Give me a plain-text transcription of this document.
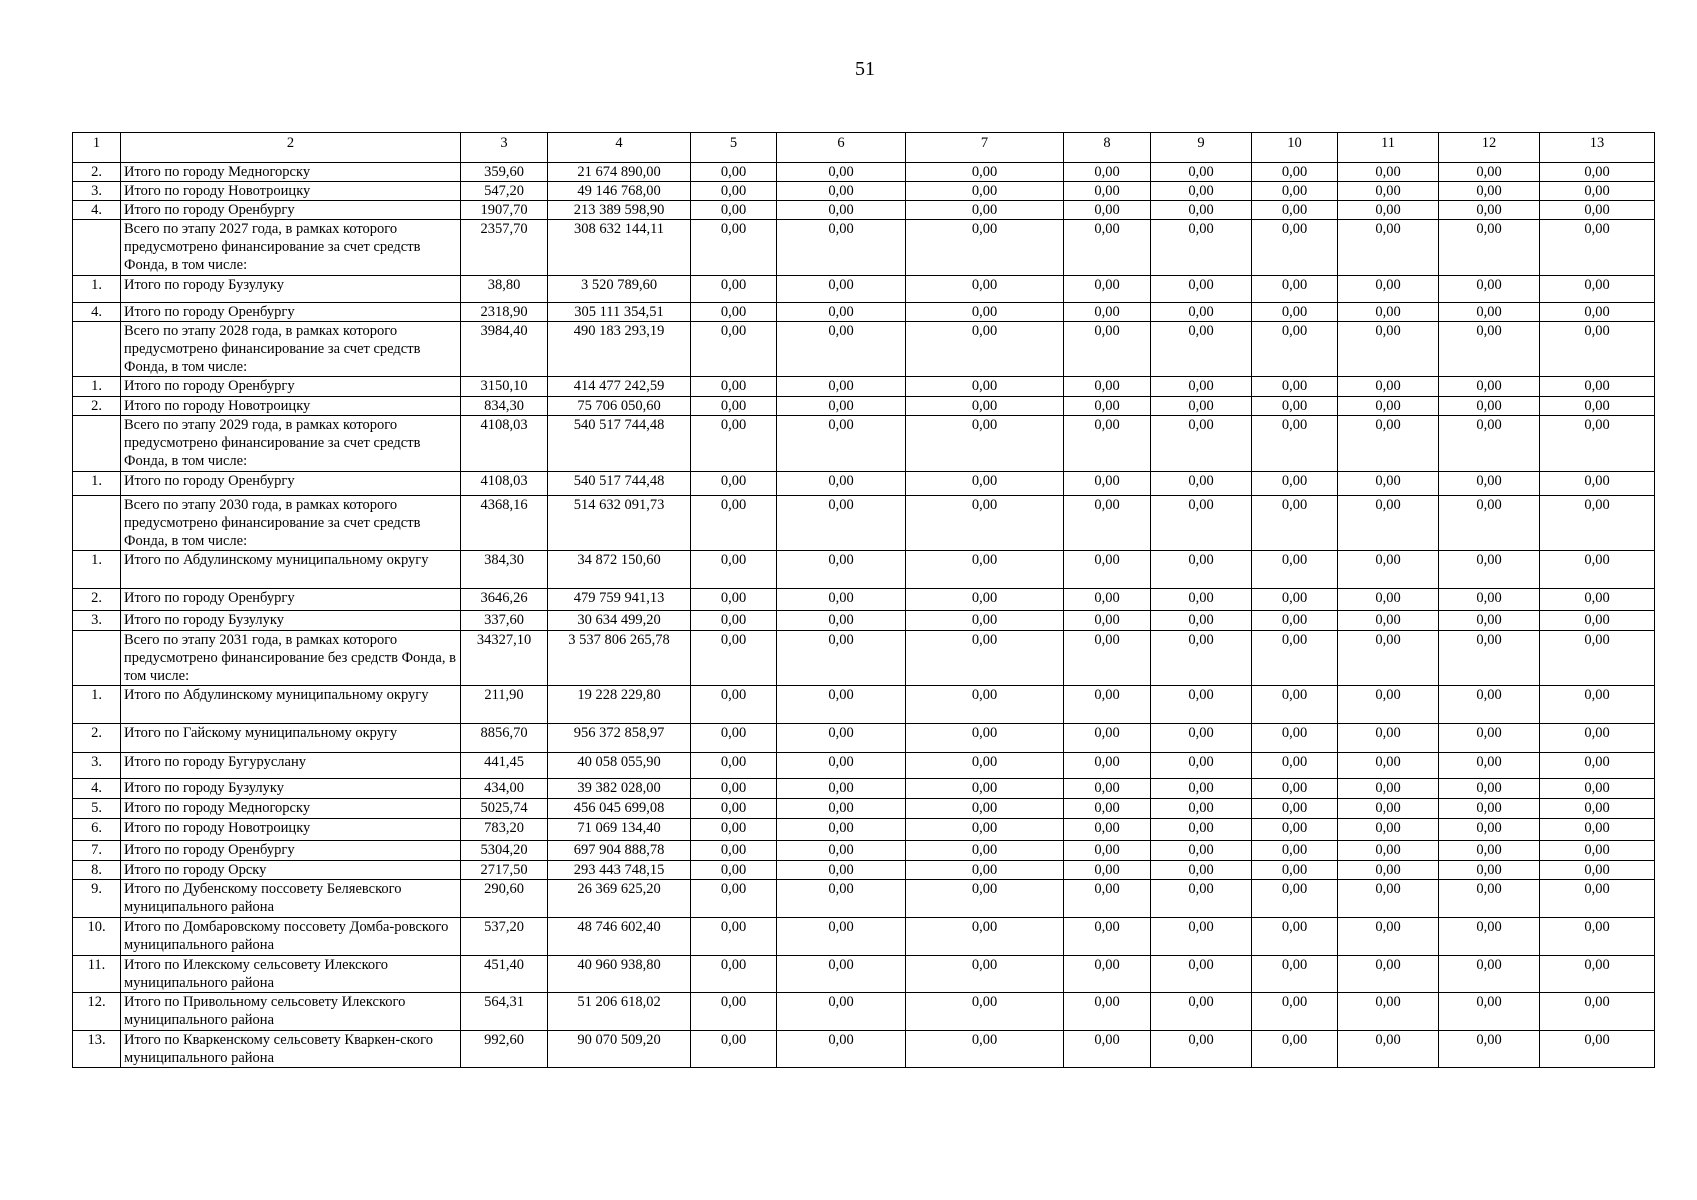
51
1	2	3	4	5	6	7	8	9	10	11	12	13
2.	Итого по городу Медногорску	359,60	21 674 890,00	0,00	0,00	0,00	0,00	0,00	0,00	0,00	0,00	0,00
3.	Итого по городу Новотроицку	547,20	49 146 768,00	0,00	0,00	0,00	0,00	0,00	0,00	0,00	0,00	0,00
4.	Итого по городу Оренбургу	1907,70	213 389 598,90	0,00	0,00	0,00	0,00	0,00	0,00	0,00	0,00	0,00
	Всего по этапу 2027 года, в рамках которого предусмотрено финансирование за счет средств Фонда, в том числе:	2357,70	308 632 144,11	0,00	0,00	0,00	0,00	0,00	0,00	0,00	0,00	0,00
1.	Итого по городу Бузулуку	38,80	3 520 789,60	0,00	0,00	0,00	0,00	0,00	0,00	0,00	0,00	0,00
4.	Итого по городу Оренбургу	2318,90	305 111 354,51	0,00	0,00	0,00	0,00	0,00	0,00	0,00	0,00	0,00
	Всего по этапу 2028 года, в рамках которого предусмотрено финансирование за счет средств Фонда, в том числе:	3984,40	490 183 293,19	0,00	0,00	0,00	0,00	0,00	0,00	0,00	0,00	0,00
1.	Итого по городу Оренбургу	3150,10	414 477 242,59	0,00	0,00	0,00	0,00	0,00	0,00	0,00	0,00	0,00
2.	Итого по городу Новотроицку	834,30	75 706 050,60	0,00	0,00	0,00	0,00	0,00	0,00	0,00	0,00	0,00
	Всего по этапу 2029 года, в рамках которого предусмотрено финансирование за счет средств Фонда, в том числе:	4108,03	540 517 744,48	0,00	0,00	0,00	0,00	0,00	0,00	0,00	0,00	0,00
1.	Итого по городу Оренбургу	4108,03	540 517 744,48	0,00	0,00	0,00	0,00	0,00	0,00	0,00	0,00	0,00
	Всего по этапу 2030 года, в рамках которого предусмотрено финансирование за счет средств Фонда, в том числе:	4368,16	514 632 091,73	0,00	0,00	0,00	0,00	0,00	0,00	0,00	0,00	0,00
1.	Итого по Абдулинскому муниципальному округу	384,30	34 872 150,60	0,00	0,00	0,00	0,00	0,00	0,00	0,00	0,00	0,00
2.	Итого по городу Оренбургу	3646,26	479 759 941,13	0,00	0,00	0,00	0,00	0,00	0,00	0,00	0,00	0,00
3.	Итого по городу Бузулуку	337,60	30 634 499,20	0,00	0,00	0,00	0,00	0,00	0,00	0,00	0,00	0,00
	Всего по этапу 2031 года, в рамках которого предусмотрено финансирование без средств Фонда, в том числе:	34327,10	3 537 806 265,78	0,00	0,00	0,00	0,00	0,00	0,00	0,00	0,00	0,00
1.	Итого по Абдулинскому муниципальному округу	211,90	19 228 229,80	0,00	0,00	0,00	0,00	0,00	0,00	0,00	0,00	0,00
2.	Итого по Гайскому муниципальному округу	8856,70	956 372 858,97	0,00	0,00	0,00	0,00	0,00	0,00	0,00	0,00	0,00
3.	Итого по городу Бугуруслану	441,45	40 058 055,90	0,00	0,00	0,00	0,00	0,00	0,00	0,00	0,00	0,00
4.	Итого по городу Бузулуку	434,00	39 382 028,00	0,00	0,00	0,00	0,00	0,00	0,00	0,00	0,00	0,00
5.	Итого по городу Медногорску	5025,74	456 045 699,08	0,00	0,00	0,00	0,00	0,00	0,00	0,00	0,00	0,00
6.	Итого по городу Новотроицку	783,20	71 069 134,40	0,00	0,00	0,00	0,00	0,00	0,00	0,00	0,00	0,00
7.	Итого по городу Оренбургу	5304,20	697 904 888,78	0,00	0,00	0,00	0,00	0,00	0,00	0,00	0,00	0,00
8.	Итого по городу Орску	2717,50	293 443 748,15	0,00	0,00	0,00	0,00	0,00	0,00	0,00	0,00	0,00
9.	Итого по Дубенскому поссовету Беляевского муниципального района	290,60	26 369 625,20	0,00	0,00	0,00	0,00	0,00	0,00	0,00	0,00	0,00
10.	Итого по Домбаровскому поссовету Домба-ровского муниципального района	537,20	48 746 602,40	0,00	0,00	0,00	0,00	0,00	0,00	0,00	0,00	0,00
11.	Итого по Илекскому сельсовету Илекского муниципального района	451,40	40 960 938,80	0,00	0,00	0,00	0,00	0,00	0,00	0,00	0,00	0,00
12.	Итого по Привольному сельсовету Илекского муниципального района	564,31	51 206 618,02	0,00	0,00	0,00	0,00	0,00	0,00	0,00	0,00	0,00
13.	Итого по Кваркенскому сельсовету Кваркен-ского муниципального района	992,60	90 070 509,20	0,00	0,00	0,00	0,00	0,00	0,00	0,00	0,00	0,00
